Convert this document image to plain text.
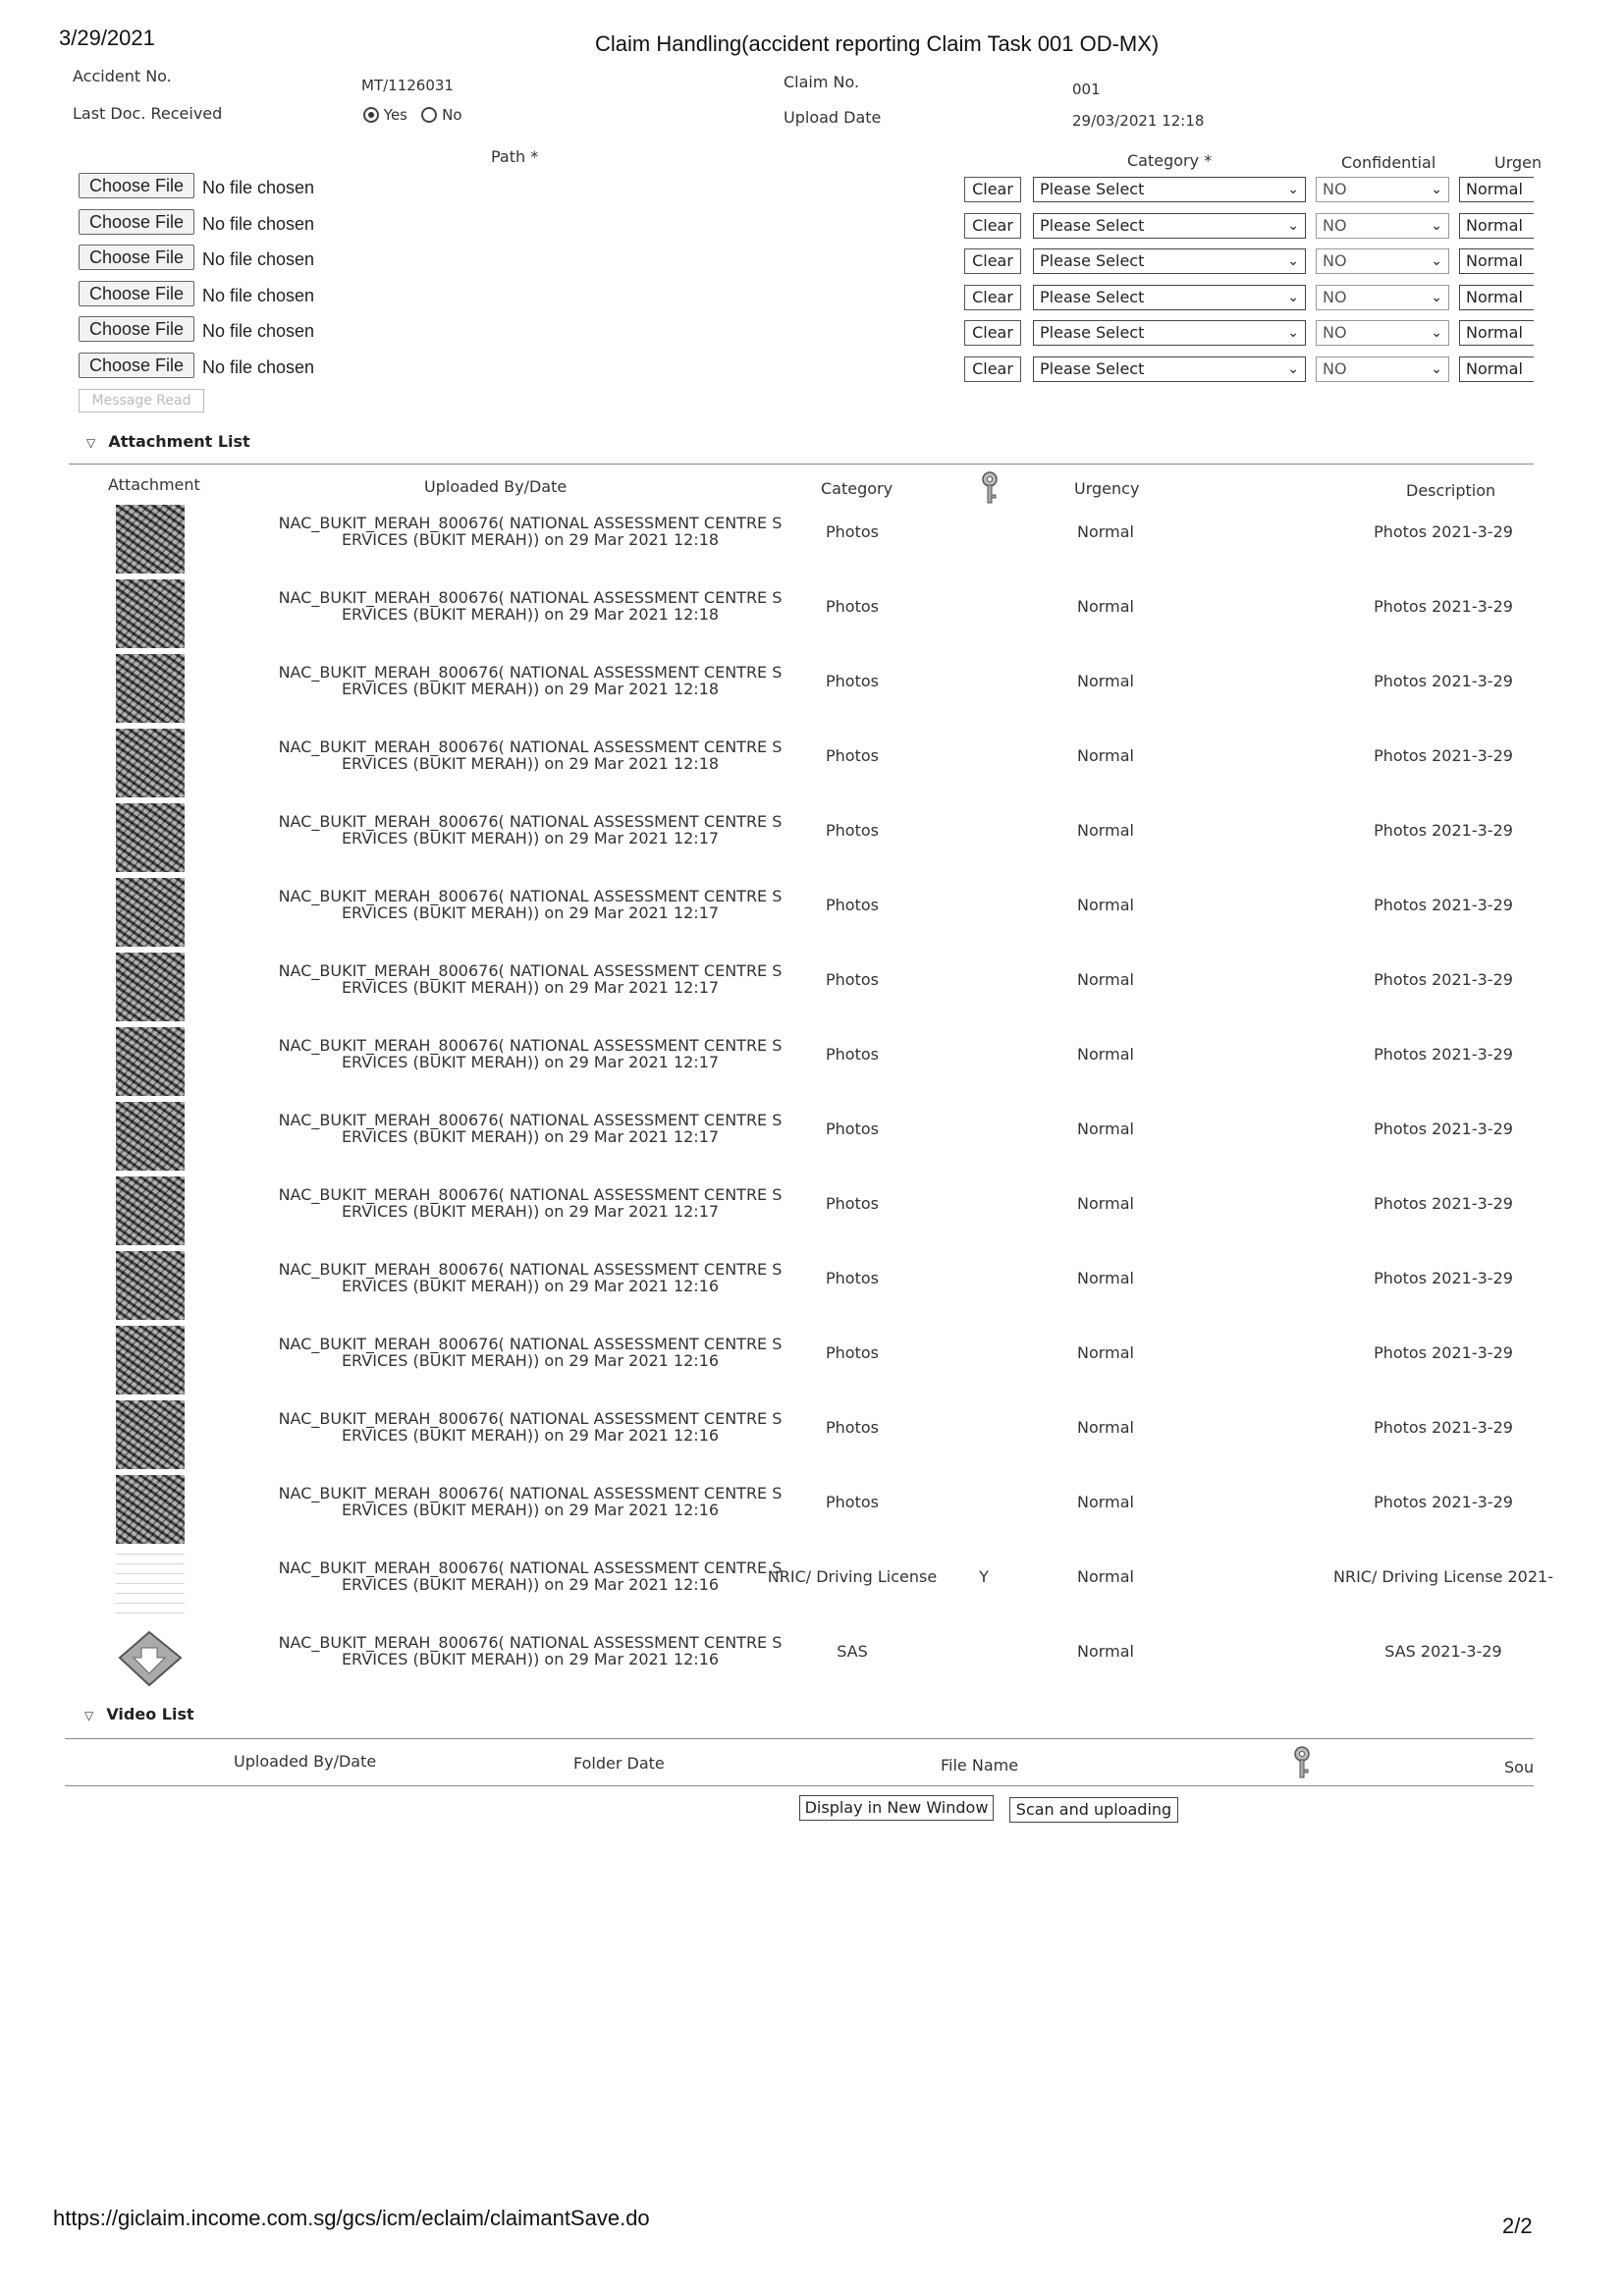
3/29/2021	Claim Handling(accident reporting Claim Task 001 OD-MX)
Accident No.	MT/1126031	Claim No.	001
Last Doc. Received	Yes No	Upload Date	29/03/2021 12:18
Path *	Category *	Confidential	Urgen
Choose File	No file chosen	Clear	Please Select	⌄	NO	⌄	Normal
Choose File	No file chosen	Clear	Please Select	⌄	NO	⌄	Normal
Choose File	No file chosen	Clear	Please Select	⌄	NO	⌄	Normal
Choose File	No file chosen	Clear	Please Select	⌄	NO	⌄	Normal
Choose File	No file chosen	Clear	Please Select	⌄	NO	⌄	Normal
Choose File	No file chosen	Clear	Please Select	⌄	NO	⌄	Normal
Message Read
▽ Attachment List
Attachment	Uploaded By/Date	Category	Urgency	Description
NAC_BUKIT_MERAH_800676( NATIONAL ASSESSMENT CENTRE S
ERVICES (BUKIT MERAH)) on 29 Mar 2021 12:18	Photos	Normal	Photos 2021-3-29
NAC_BUKIT_MERAH_800676( NATIONAL ASSESSMENT CENTRE S
ERVICES (BUKIT MERAH)) on 29 Mar 2021 12:18	Photos	Normal	Photos 2021-3-29
NAC_BUKIT_MERAH_800676( NATIONAL ASSESSMENT CENTRE S
ERVICES (BUKIT MERAH)) on 29 Mar 2021 12:18	Photos	Normal	Photos 2021-3-29
NAC_BUKIT_MERAH_800676( NATIONAL ASSESSMENT CENTRE S
ERVICES (BUKIT MERAH)) on 29 Mar 2021 12:18	Photos	Normal	Photos 2021-3-29
NAC_BUKIT_MERAH_800676( NATIONAL ASSESSMENT CENTRE S
ERVICES (BUKIT MERAH)) on 29 Mar 2021 12:17	Photos	Normal	Photos 2021-3-29
NAC_BUKIT_MERAH_800676( NATIONAL ASSESSMENT CENTRE S
ERVICES (BUKIT MERAH)) on 29 Mar 2021 12:17	Photos	Normal	Photos 2021-3-29
NAC_BUKIT_MERAH_800676( NATIONAL ASSESSMENT CENTRE S
ERVICES (BUKIT MERAH)) on 29 Mar 2021 12:17	Photos	Normal	Photos 2021-3-29
NAC_BUKIT_MERAH_800676( NATIONAL ASSESSMENT CENTRE S
ERVICES (BUKIT MERAH)) on 29 Mar 2021 12:17	Photos	Normal	Photos 2021-3-29
NAC_BUKIT_MERAH_800676( NATIONAL ASSESSMENT CENTRE S
ERVICES (BUKIT MERAH)) on 29 Mar 2021 12:17	Photos	Normal	Photos 2021-3-29
NAC_BUKIT_MERAH_800676( NATIONAL ASSESSMENT CENTRE S
ERVICES (BUKIT MERAH)) on 29 Mar 2021 12:17	Photos	Normal	Photos 2021-3-29
NAC_BUKIT_MERAH_800676( NATIONAL ASSESSMENT CENTRE S
ERVICES (BUKIT MERAH)) on 29 Mar 2021 12:16	Photos	Normal	Photos 2021-3-29
NAC_BUKIT_MERAH_800676( NATIONAL ASSESSMENT CENTRE S
ERVICES (BUKIT MERAH)) on 29 Mar 2021 12:16	Photos	Normal	Photos 2021-3-29
NAC_BUKIT_MERAH_800676( NATIONAL ASSESSMENT CENTRE S
ERVICES (BUKIT MERAH)) on 29 Mar 2021 12:16	Photos	Normal	Photos 2021-3-29
NAC_BUKIT_MERAH_800676( NATIONAL ASSESSMENT CENTRE S
ERVICES (BUKIT MERAH)) on 29 Mar 2021 12:16	Photos	Normal	Photos 2021-3-29
NAC_BUKIT_MERAH_800676( NATIONAL ASSESSMENT CENTRE S
ERVICES (BUKIT MERAH)) on 29 Mar 2021 12:16	NRIC/ Driving License	Y	Normal	NRIC/ Driving License 2021-
NAC_BUKIT_MERAH_800676( NATIONAL ASSESSMENT CENTRE S
ERVICES (BUKIT MERAH)) on 29 Mar 2021 12:16	SAS	Normal	SAS 2021-3-29
▽ Video List
Uploaded By/Date	Folder Date	File Name	Sou
Display in New Window	Scan and uploading
https://giclaim.income.com.sg/gcs/icm/eclaim/claimantSave.do	2/2
